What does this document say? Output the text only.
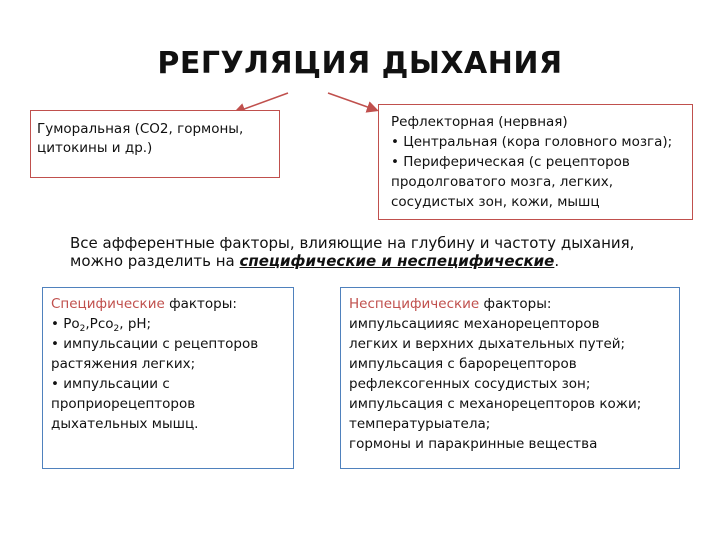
РЕГУЛЯЦИЯ ДЫХАНИЯ
Гуморальная (СО2, гормоны,
цитокины и др.)
Рефлекторная (нервная)
• Центральная (кора головного мозга);
• Периферическая (с рецепторов
продолговатого мозга, легких,
сосудистых зон, кожи, мышц
Все афферентные факторы, влияющие на глубину и частоту дыхания,
можно разделить на специфические и неспецифические.
Специфические факторы:
• $Ро_2,Рсо_2$, рН;
• импульсации с рецепторов
растяжения легких;
• импульсации с
проприорецепторов
дыхательных мышц.
Неспецифические факторы:
импульсациияс механорецепторов
легких и верхних дыхательных путей;
импульсация с барорецепторов
рефлексогенных сосудистых зон;
импульсация с механорецепторов кожи;
температурыатела;
гормоны и паракринные вещества
